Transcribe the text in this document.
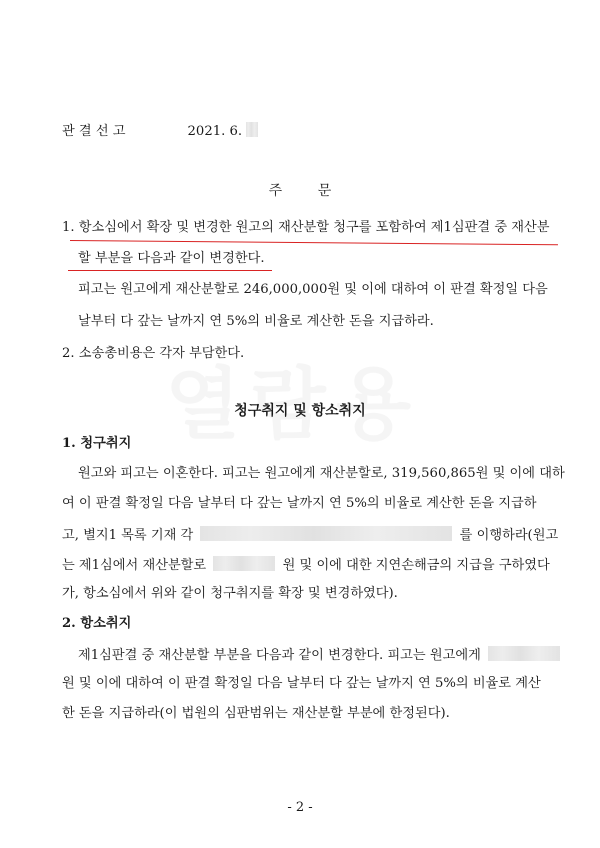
관 결 선 고	2021. 6.
주        문
1. 항소심에서 확장 및 변경한 원고의 재산분할 청구를 포함하여 제1심판결 중 재산분
할 부분을 다음과 같이 변경한다.
피고는 원고에게 재산분할로 246,000,000원 및 이에 대하여 이 판결 확정일 다음
날부터 다 갚는 날까지 연 5%의 비율로 계산한 돈을 지급하라.
2. 소송총비용은 각자 부담한다.
청구취지 및 항소취지
1. 청구취지
원고와 피고는 이혼한다. 피고는 원고에게 재산분할로, 319,560,865원 및 이에 대하
여 이 판결 확정일 다음 날부터 다 갚는 날까지 연 5%의 비율로 계산한 돈을 지급하
고, 별지1 목록 기재 각	를 이행하라(원고
는 제1심에서 재산분할로	원 및 이에 대한 지연손해금의 지급을 구하였다
가, 항소심에서 위와 같이 청구취지를 확장 및 변경하였다).
2. 항소취지
제1심판결 중 재산분할 부분을 다음과 같이 변경한다. 피고는 원고에게
원 및 이에 대하여 이 판결 확정일 다음 날부터 다 갚는 날까지 연 5%의 비율로 계산
한 돈을 지급하라(이 법원의 심판범위는 재산분할 부분에 한정된다).
- 2 -
